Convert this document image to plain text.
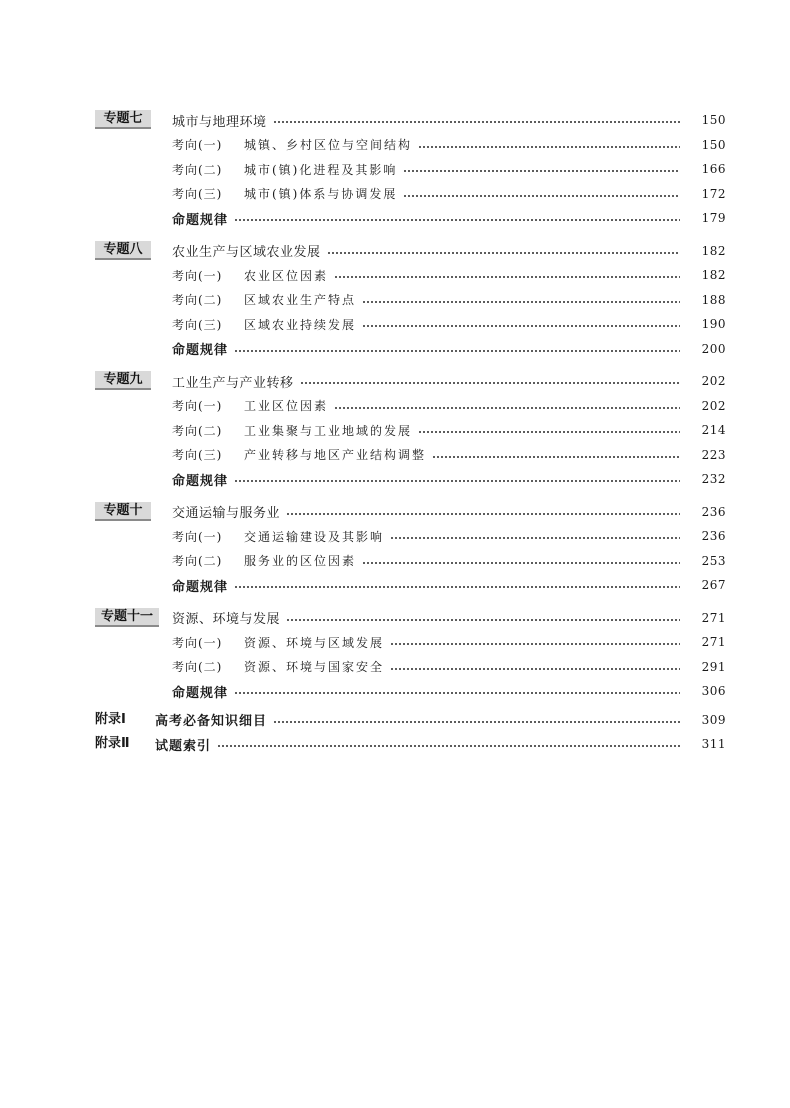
专题七	城市与地理环境	150
考向(一)	城镇、乡村区位与空间结构	150
考向(二)	城市(镇)化进程及其影响	166
考向(三)	城市(镇)体系与协调发展	172
命题规律	179
专题八	农业生产与区域农业发展	182
考向(一)	农业区位因素	182
考向(二)	区域农业生产特点	188
考向(三)	区域农业持续发展	190
命题规律	200
专题九	工业生产与产业转移	202
考向(一)	工业区位因素	202
考向(二)	工业集聚与工业地域的发展	214
考向(三)	产业转移与地区产业结构调整	223
命题规律	232
专题十	交通运输与服务业	236
考向(一)	交通运输建设及其影响	236
考向(二)	服务业的区位因素	253
命题规律	267
专题十一	资源、环境与发展	271
考向(一)	资源、环境与区域发展	271
考向(二)	资源、环境与国家安全	291
命题规律	306
附录Ⅰ 高考必备知识细目	309
附录Ⅱ 试题索引	311
